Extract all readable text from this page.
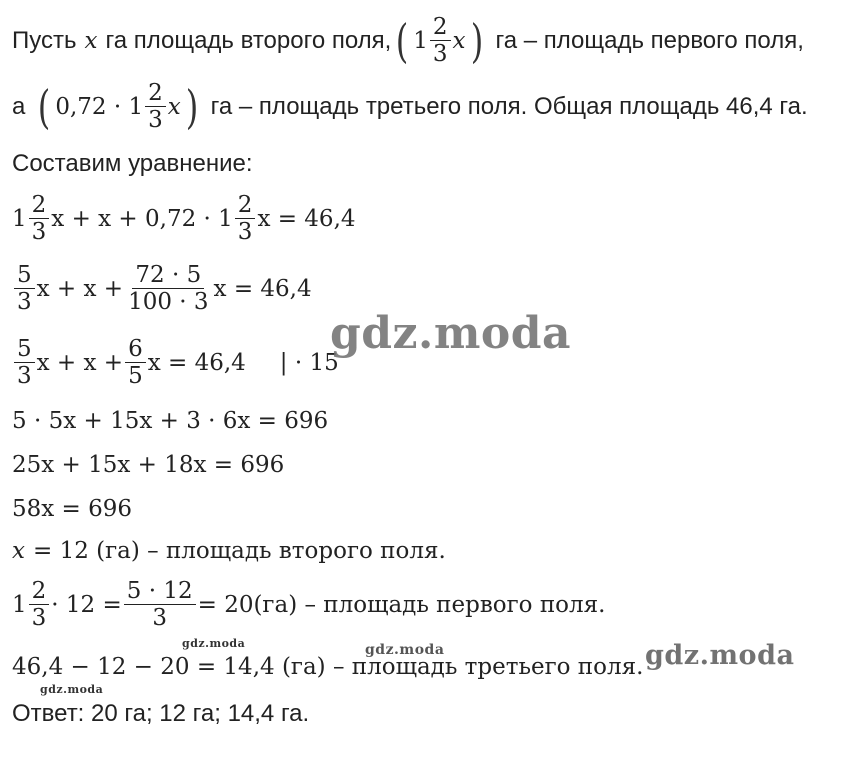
Пусть x га площадь второго поля, ( $1 \frac{2}{3}$ x ) га – площадь первого поля,
а ( $0,72 \cdot 1 \frac{2}{3}$ x ) га – площадь третьего поля. Общая площадь 46,4 га.
Составим уравнение:
$1 \frac{2}{3}$ $x + x + 0,72 \cdot 1 \frac{2}{3}$ x = 46,4
$\frac{5}{3}$ $x + x + \frac{72 \cdot 5}{100 \cdot 3}$ x = 46,4
$\frac{5}{3}$ $x + x + \frac{6}{5}$ x = 46,4 | · 15
5 · 5x + 15x + 3 · 6x = 696
25x + 15x + 18x = 696
58x = 696
x = 12 (га) – площадь второго поля.
$1 \frac{2}{3} \cdot 12 = \frac{5 \cdot 12}{3} = 20(га)$ – площадь первого поля.
46,4 − 12 − 20 = 14,4 (га) – площадь третьего поля.
Ответ: 20 га; 12 га; 14,4 га.
gdz.moda
gdz.moda
gdz.moda
gdz.moda
gdz.moda
